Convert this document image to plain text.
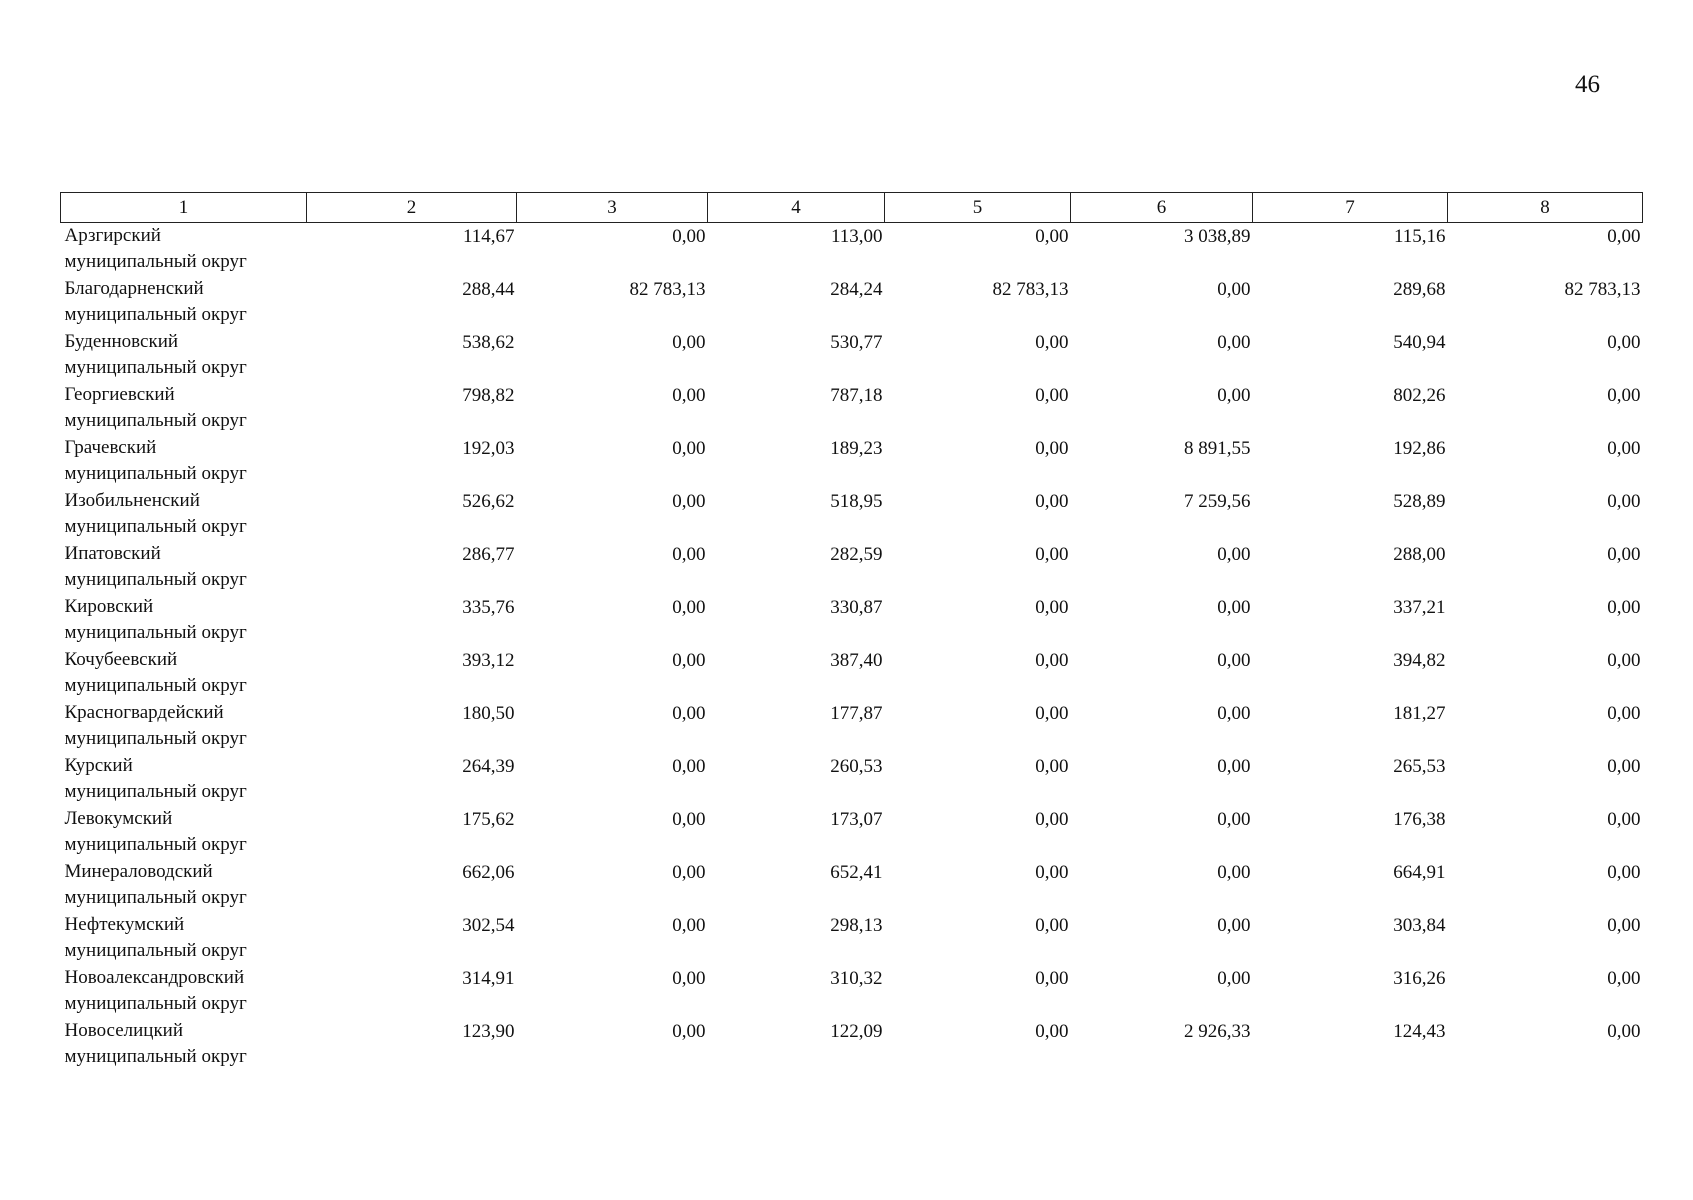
46
1	2	3	4	5	6	7	8

Арзгирский
муниципальный округ	114,67	0,00	113,00	0,00	3 038,89	115,16	0,00

Благодарненский
муниципальный округ	288,44	82 783,13	284,24	82 783,13	0,00	289,68	82 783,13

Буденновский
муниципальный округ	538,62	0,00	530,77	0,00	0,00	540,94	0,00

Георгиевский
муниципальный округ	798,82	0,00	787,18	0,00	0,00	802,26	0,00

Грачевский
муниципальный округ	192,03	0,00	189,23	0,00	8 891,55	192,86	0,00

Изобильненский
муниципальный округ	526,62	0,00	518,95	0,00	7 259,56	528,89	0,00

Ипатовский
муниципальный округ	286,77	0,00	282,59	0,00	0,00	288,00	0,00

Кировский
муниципальный округ	335,76	0,00	330,87	0,00	0,00	337,21	0,00

Кочубеевский
муниципальный округ	393,12	0,00	387,40	0,00	0,00	394,82	0,00

Красногвардейский
муниципальный округ	180,50	0,00	177,87	0,00	0,00	181,27	0,00

Курский
муниципальный округ	264,39	0,00	260,53	0,00	0,00	265,53	0,00

Левокумский
муниципальный округ	175,62	0,00	173,07	0,00	0,00	176,38	0,00

Минераловодский
муниципальный округ	662,06	0,00	652,41	0,00	0,00	664,91	0,00

Нефтекумский
муниципальный округ	302,54	0,00	298,13	0,00	0,00	303,84	0,00

Новоалександровский
муниципальный округ	314,91	0,00	310,32	0,00	0,00	316,26	0,00

Новоселицкий
муниципальный округ	123,90	0,00	122,09	0,00	2 926,33	124,43	0,00
